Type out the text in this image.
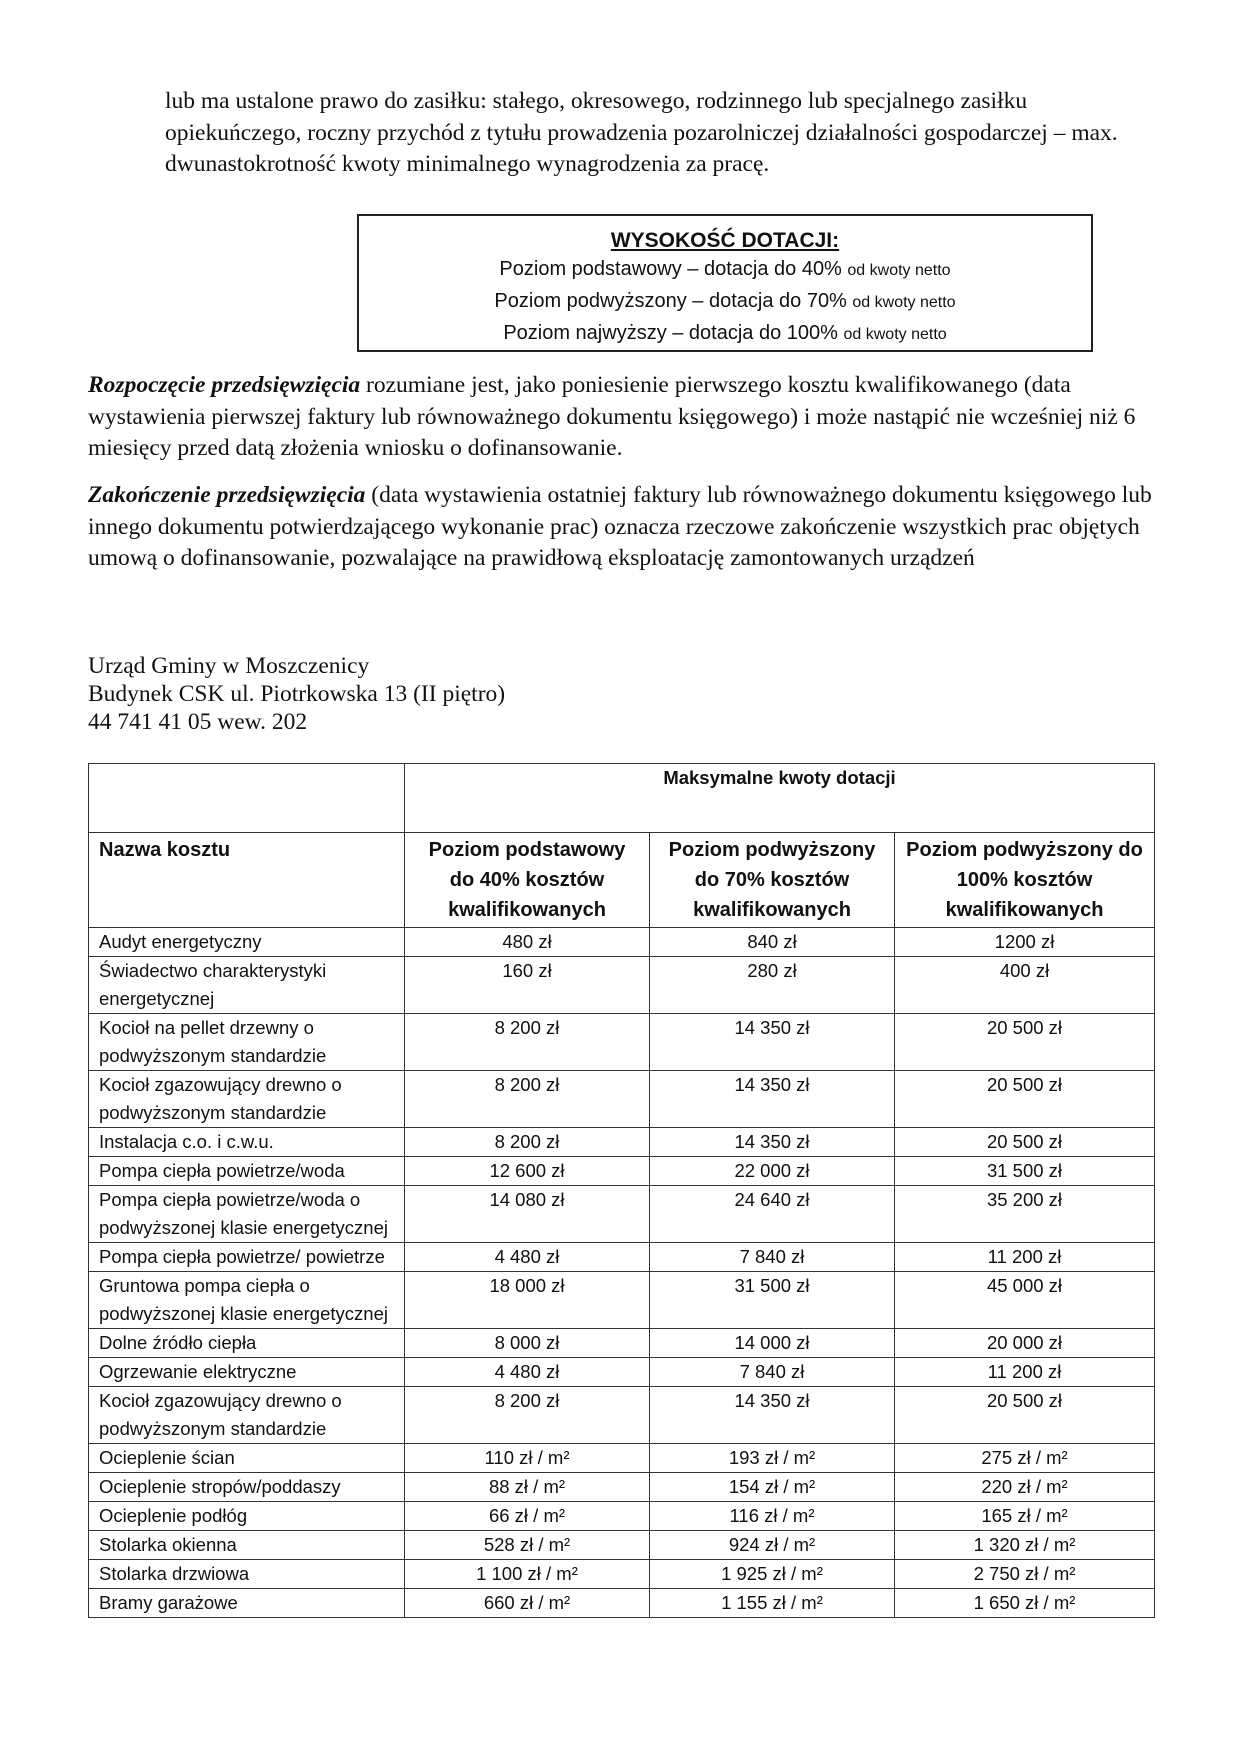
lub ma ustalone prawo do zasiłku: stałego, okresowego, rodzinnego lub specjalnego zasiłku opiekuńczego, roczny przychód z tytułu prowadzenia pozarolniczej działalności gospodarczej – max. dwunastokrotność kwoty minimalnego wynagrodzenia za pracę.

WYSOKOŚĆ DOTACJI:
Poziom podstawowy – dotacja do 40% od kwoty netto
Poziom podwyższony – dotacja do 70% od kwoty netto
Poziom najwyższy – dotacja do 100% od kwoty netto

Rozpoczęcie przedsięwzięcia rozumiane jest, jako poniesienie pierwszego kosztu kwalifikowanego (data wystawienia pierwszej faktury lub równoważnego dokumentu księgowego) i może nastąpić nie wcześniej niż 6 miesięcy przed datą złożenia wniosku o dofinansowanie.

Zakończenie przedsięwzięcia (data wystawienia ostatniej faktury lub równoważnego dokumentu księgowego lub innego dokumentu potwierdzającego wykonanie prac) oznacza rzeczowe zakończenie wszystkich prac objętych umową o dofinansowanie, pozwalające na prawidłową eksploatację zamontowanych urządzeń

Urząd Gminy w Moszczenicy
Budynek CSK ul. Piotrkowska 13 (II piętro)
44 741 41 05 wew. 202
	Maksymalne kwoty dotacji		
Nazwa kosztu	Poziom podstawowy do 40% kosztów kwalifikowanych	Poziom podwyższony do 70% kosztów kwalifikowanych	Poziom podwyższony do 100% kosztów kwalifikowanych
Audyt energetyczny	480 zł	840 zł	1200 zł
Świadectwo charakterystyki energetycznej	160 zł	280 zł	400 zł
Kocioł na pellet drzewny o podwyższonym standardzie	8 200 zł	14 350 zł	20 500 zł
Kocioł zgazowujący drewno o podwyższonym standardzie	8 200 zł	14 350 zł	20 500 zł
Instalacja c.o. i c.w.u.	8 200 zł	14 350 zł	20 500 zł
Pompa ciepła powietrze/woda	12 600 zł	22 000 zł	31 500 zł
Pompa ciepła powietrze/woda o podwyższonej klasie energetycznej	14 080 zł	24 640 zł	35 200 zł
Pompa ciepła powietrze/ powietrze	4 480 zł	7 840 zł	11 200 zł
Gruntowa pompa ciepła o podwyższonej klasie energetycznej	18 000 zł	31 500 zł	45 000 zł
Dolne źródło ciepła	8 000 zł	14 000 zł	20 000 zł
Ogrzewanie elektryczne	4 480 zł	7 840 zł	11 200 zł
Kocioł zgazowujący drewno o podwyższonym standardzie	8 200 zł	14 350 zł	20 500 zł
Ocieplenie ścian	110 zł / m²	193 zł / m²	275 zł / m²
Ocieplenie stropów/poddaszy	88 zł / m²	154 zł / m²	220 zł / m²
Ocieplenie podłóg	66 zł / m²	116 zł / m²	165 zł / m²
Stolarka okienna	528 zł / m²	924 zł / m²	1 320 zł / m²
Stolarka drzwiowa	1 100 zł / m²	1 925 zł / m²	2 750 zł / m²
Bramy garażowe	660 zł / m²	1 155 zł / m²	1 650 zł / m²
